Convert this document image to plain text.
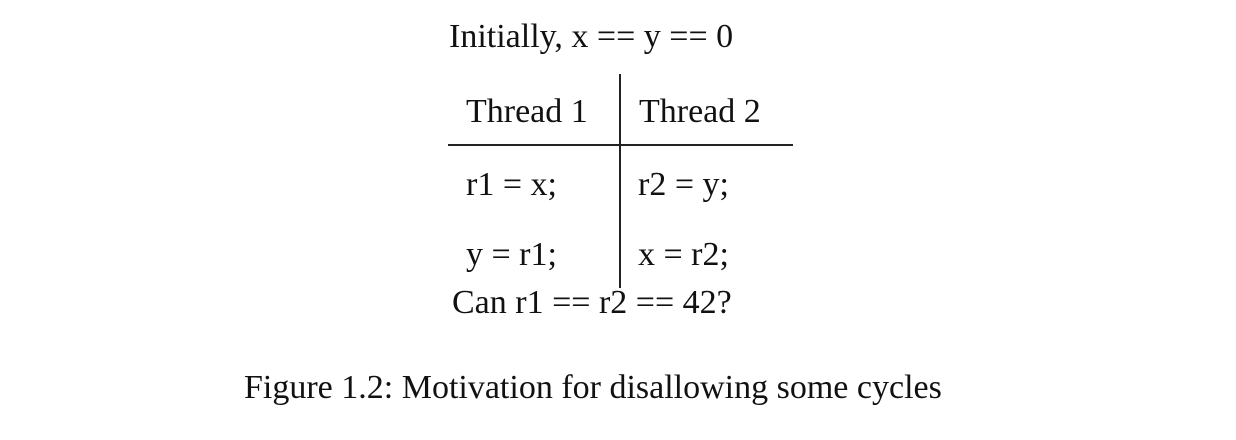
Initially, x == y == 0
Thread 1 Thread 2
r1 = x; r2 = y;
y = r1; x = r2;
Can r1 == r2 == 42?
Figure 1.2: Motivation for disallowing some cycles
